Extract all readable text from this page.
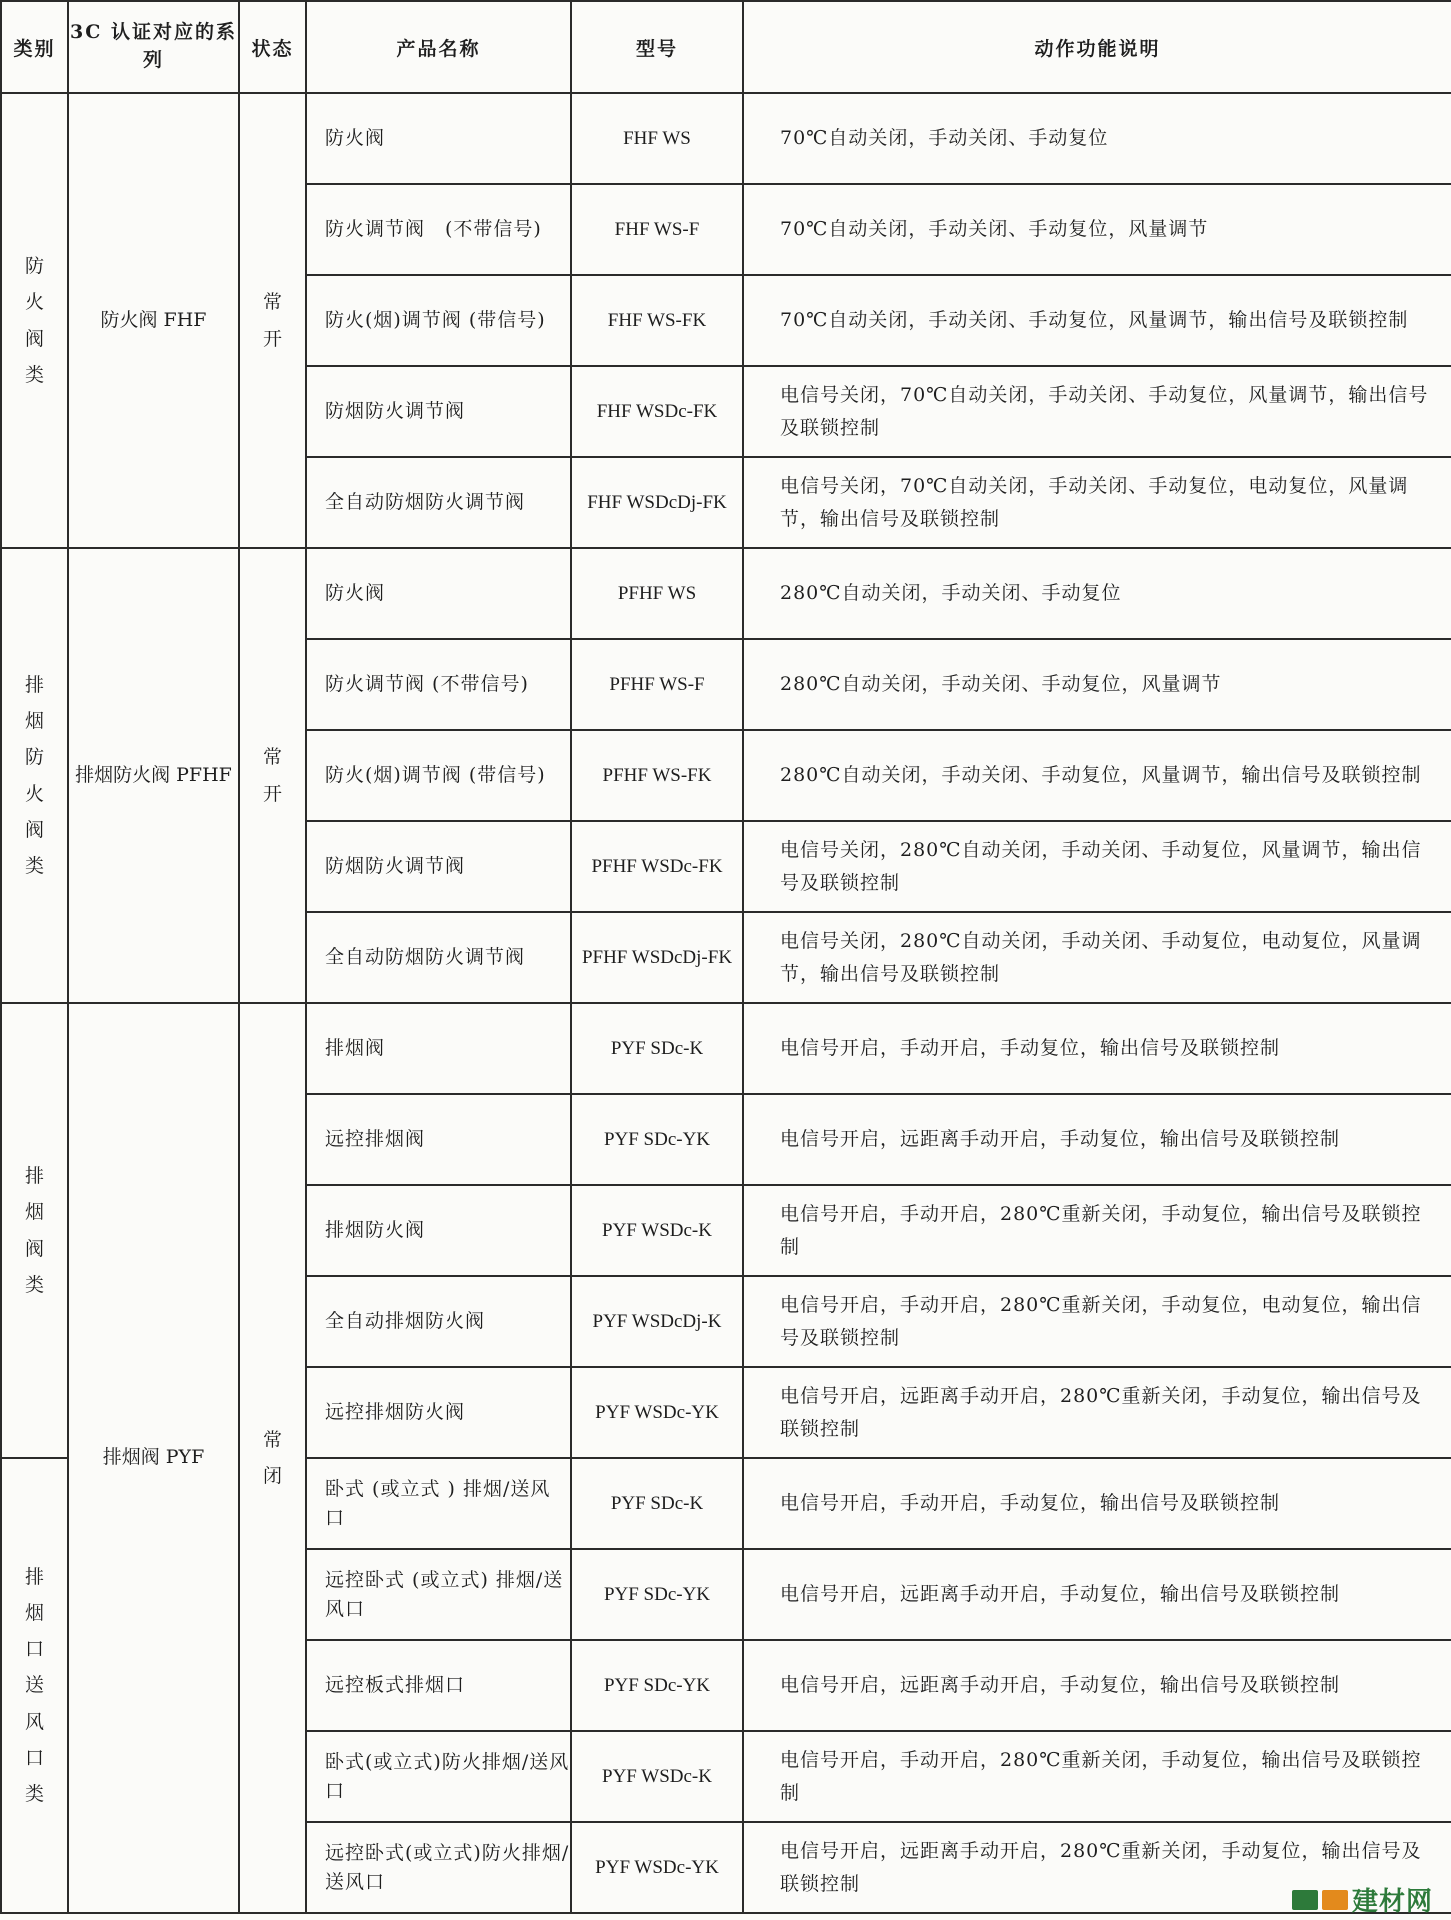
类别	3C 认证对应的系列	状态	产品名称	型号	动作功能说明
防火阀类	防火阀 FHF	常开	防火阀	FHF WS	70℃自动关闭，手动关闭、手动复位
			防火调节阀　(不带信号)	FHF WS-F	70℃自动关闭，手动关闭、手动复位，风量调节
			防火(烟)调节阀 (带信号)	FHF WS-FK	70℃自动关闭，手动关闭、手动复位，风量调节，输出信号及联锁控制
			防烟防火调节阀	FHF WSDc-FK	电信号关闭，70℃自动关闭，手动关闭、手动复位，风量调节，输出信号及联锁控制
			全自动防烟防火调节阀	FHF WSDcDj-FK	电信号关闭，70℃自动关闭，手动关闭、手动复位，电动复位，风量调节，输出信号及联锁控制
排烟防火阀类	排烟防火阀 PFHF	常开	防火阀	PFHF WS	280℃自动关闭，手动关闭、手动复位
			防火调节阀 (不带信号)	PFHF WS-F	280℃自动关闭，手动关闭、手动复位，风量调节
			防火(烟)调节阀 (带信号)	PFHF WS-FK	280℃自动关闭，手动关闭、手动复位，风量调节，输出信号及联锁控制
			防烟防火调节阀	PFHF WSDc-FK	电信号关闭，280℃自动关闭，手动关闭、手动复位，风量调节，输出信号及联锁控制
			全自动防烟防火调节阀	PFHF WSDcDj-FK	电信号关闭，280℃自动关闭，手动关闭、手动复位，电动复位，风量调节，输出信号及联锁控制
排烟阀类	排烟阀 PYF	常闭	排烟阀	PYF SDc-K	电信号开启，手动开启，手动复位，输出信号及联锁控制
			远控排烟阀	PYF SDc-YK	电信号开启，远距离手动开启，手动复位，输出信号及联锁控制
			排烟防火阀	PYF WSDc-K	电信号开启，手动开启，280℃重新关闭，手动复位，输出信号及联锁控制
			全自动排烟防火阀	PYF WSDcDj-K	电信号开启，手动开启，280℃重新关闭，手动复位，电动复位，输出信号及联锁控制
			远控排烟防火阀	PYF WSDc-YK	电信号开启，远距离手动开启，280℃重新关闭，手动复位，输出信号及联锁控制
排烟口送风口类			卧式 (或立式 ) 排烟/送风口	PYF SDc-K	电信号开启，手动开启，手动复位，输出信号及联锁控制
			远控卧式 (或立式) 排烟/送风口	PYF SDc-YK	电信号开启，远距离手动开启，手动复位，输出信号及联锁控制
			远控板式排烟口	PYF SDc-YK	电信号开启，远距离手动开启，手动复位，输出信号及联锁控制
			卧式(或立式)防火排烟/送风口	PYF WSDc-K	电信号开启，手动开启，280℃重新关闭，手动复位，输出信号及联锁控制
			远控卧式(或立式)防火排烟/送风口	PYF WSDc-YK	电信号开启，远距离手动开启，280℃重新关闭，手动复位，输出信号及联锁控制
建材网
